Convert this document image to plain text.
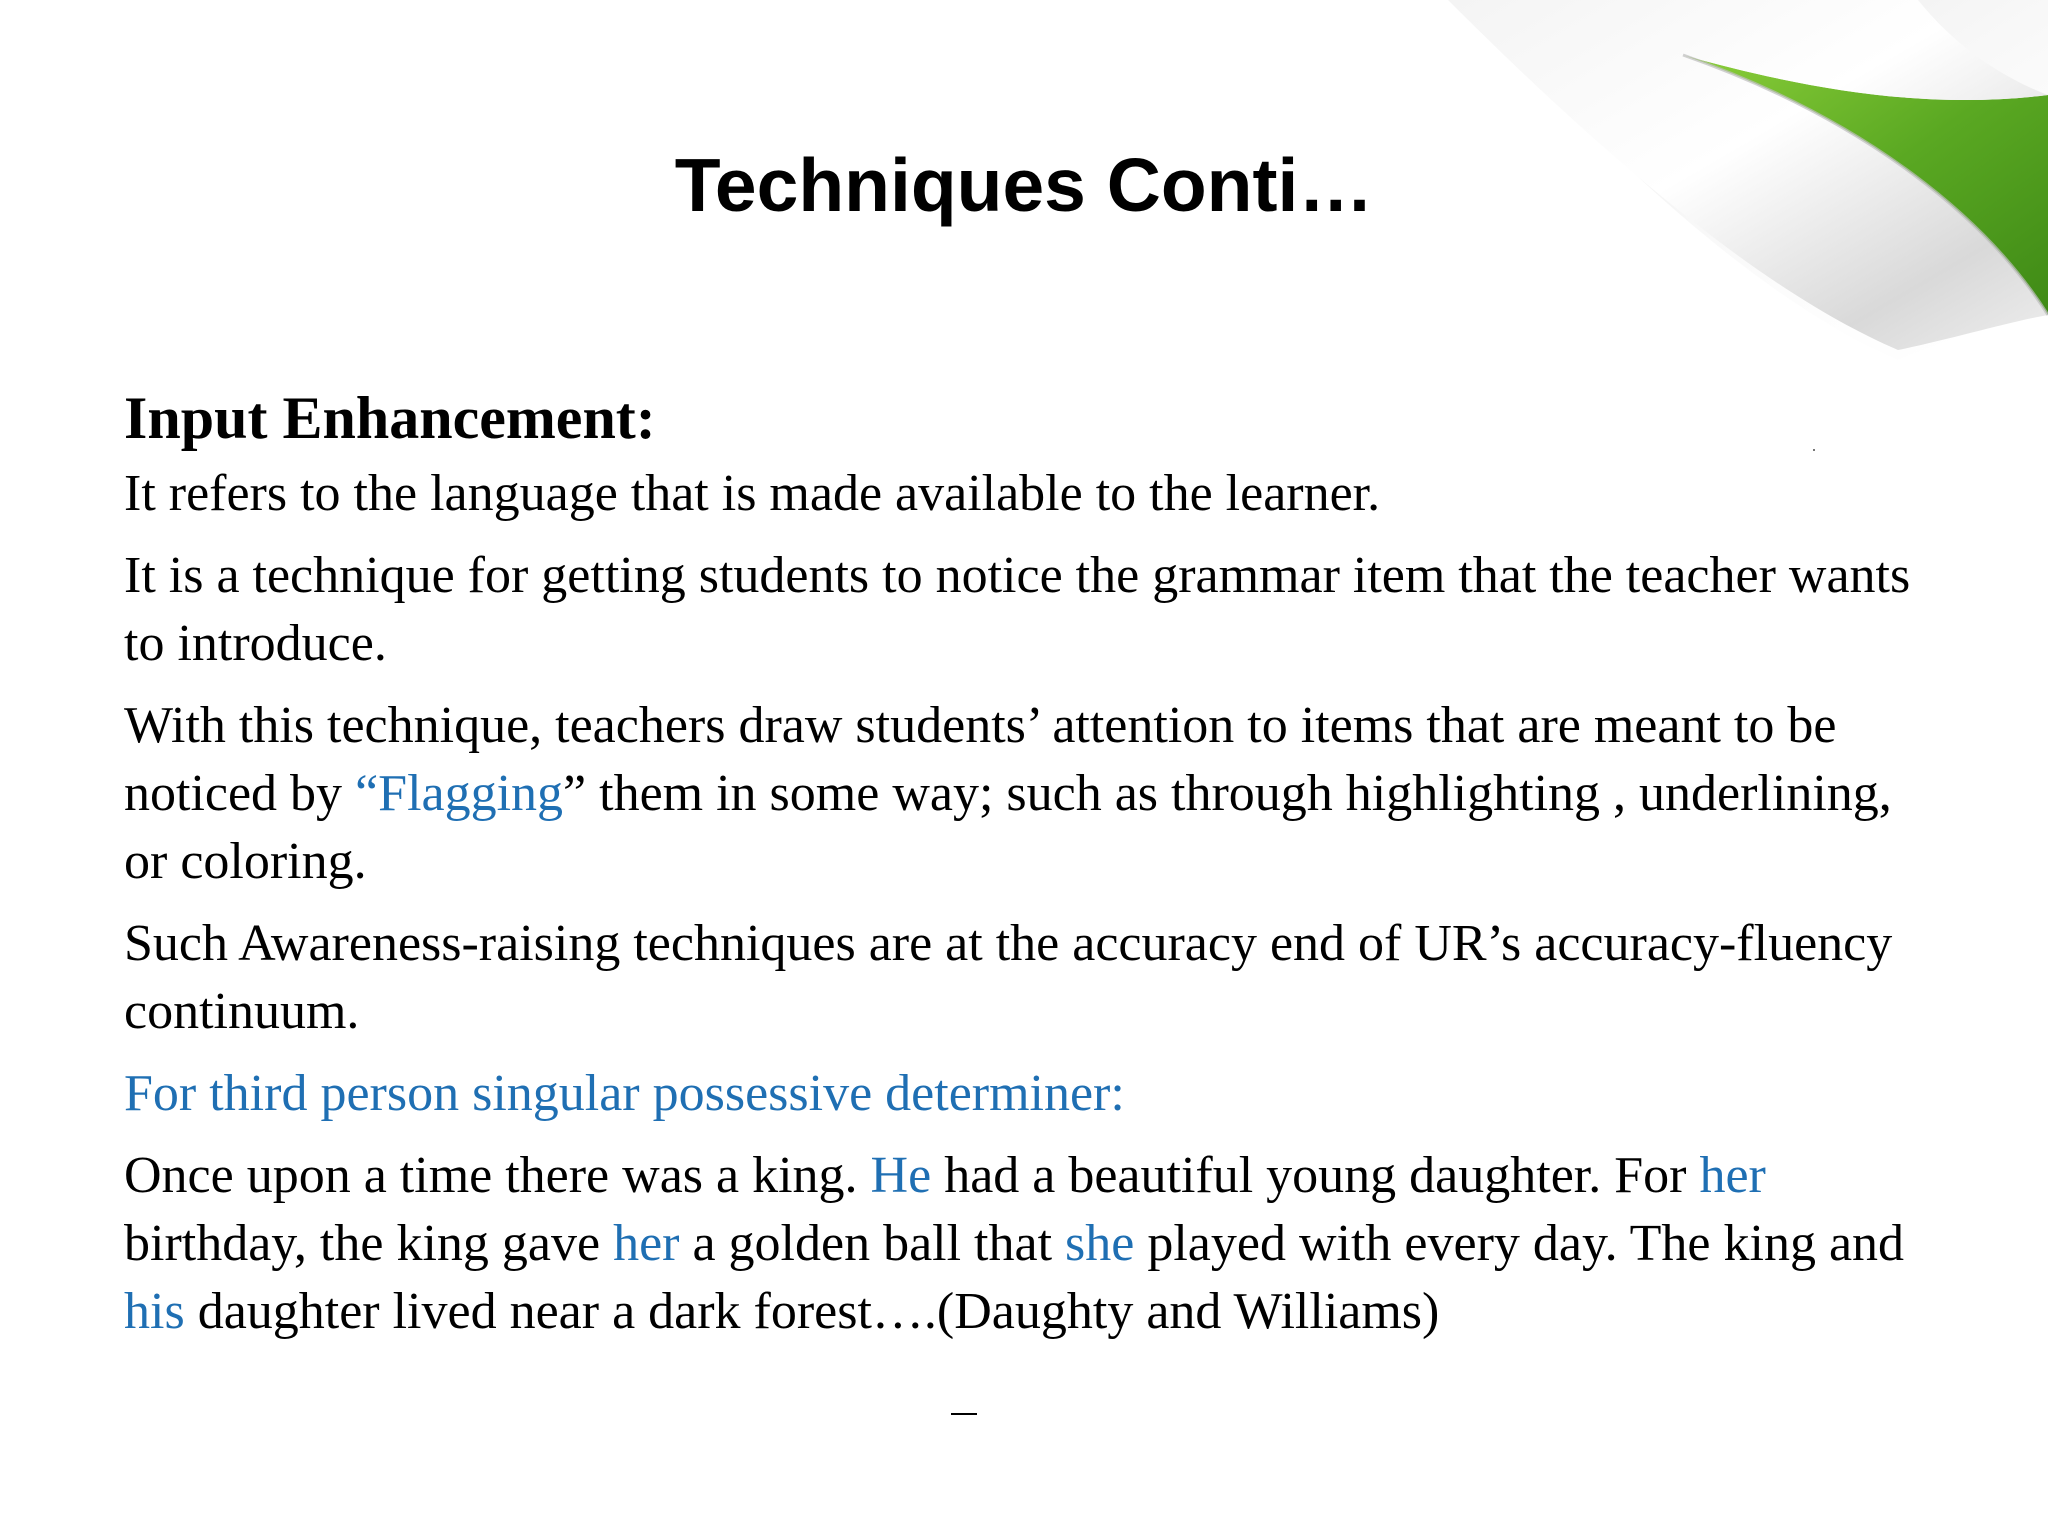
Techniques Conti…
Input Enhancement:
It refers to the language that is made available to the learner.
It is a technique for getting students to notice the grammar item that the teacher wants to introduce.
With this technique, teachers draw students’ attention to items that are meant to be noticed by “Flagging” them in some way; such as through highlighting , underlining, or coloring.
Such Awareness-raising techniques are at the accuracy end of UR’s accuracy-fluency continuum.
For third person singular possessive determiner:
Once upon a time there was a king. He had a beautiful young daughter. For her birthday, the king gave her a golden ball that she played with every day. The king and his daughter lived near a dark forest….(Daughty and Williams)
